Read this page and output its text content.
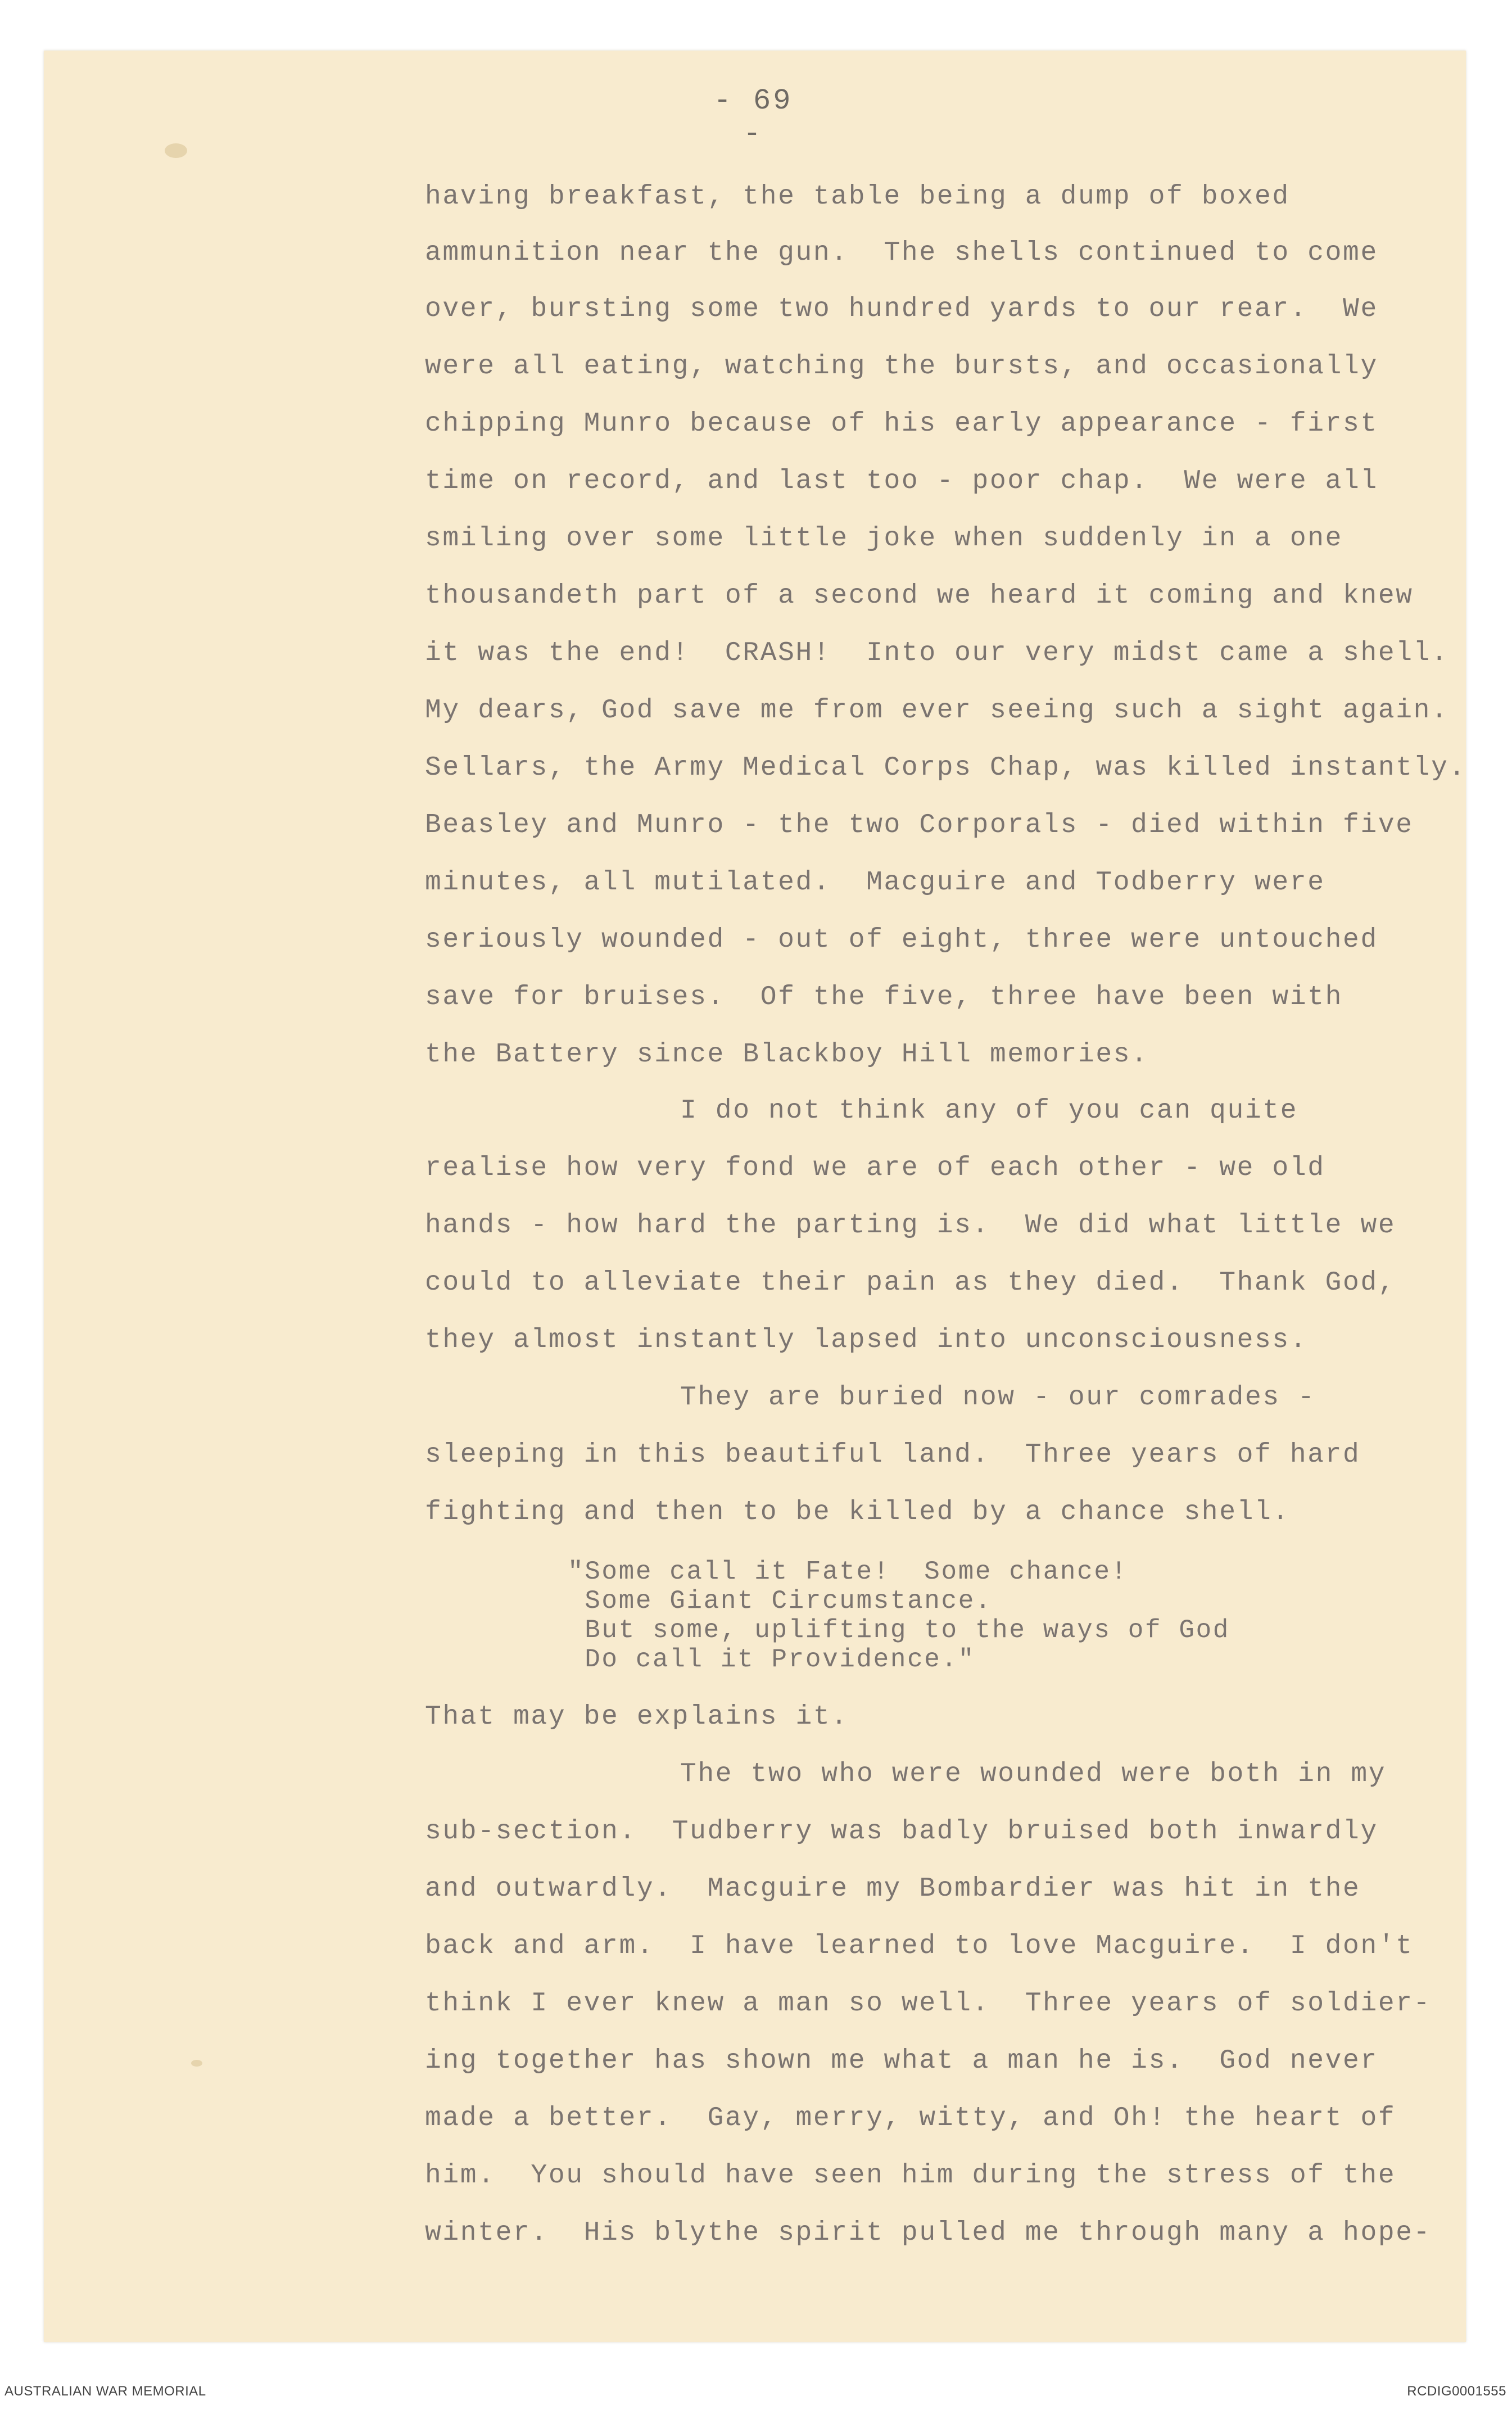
- 69 -
having breakfast, the table being a dump of boxed
ammunition near the gun.  The shells continued to come
over, bursting some two hundred yards to our rear.  We
were all eating, watching the bursts, and occasionally
chipping Munro because of his early appearance - first
time on record, and last too - poor chap.  We were all
smiling over some little joke when suddenly in a one
thousandeth part of a second we heard it coming and knew
it was the end!  CRASH!  Into our very midst came a shell.
My dears, God save me from ever seeing such a sight again.
Sellars, the Army Medical Corps Chap, was killed instantly.
Beasley and Munro - the two Corporals - died within five
minutes, all mutilated.  Macguire and Todberry were
seriously wounded - out of eight, three were untouched
save for bruises.  Of the five, three have been with
the Battery since Blackboy Hill memories.
I do not think any of you can quite
realise how very fond we are of each other - we old
hands - how hard the parting is.  We did what little we
could to alleviate their pain as they died.  Thank God,
they almost instantly lapsed into unconsciousness.
They are buried now - our comrades -
sleeping in this beautiful land.  Three years of hard
fighting and then to be killed by a chance shell.
"Some call it Fate!  Some chance!
Some Giant Circumstance.
But some, uplifting to the ways of God
Do call it Providence."
That may be explains it.
The two who were wounded were both in my
sub-section.  Tudberry was badly bruised both inwardly
and outwardly.  Macguire my Bombardier was hit in the
back and arm.  I have learned to love Macguire.  I don't
think I ever knew a man so well.  Three years of soldier-
ing together has shown me what a man he is.  God never
made a better.  Gay, merry, witty, and Oh! the heart of
him.  You should have seen him during the stress of the
winter.  His blythe spirit pulled me through many a hope-
AUSTRALIAN WAR MEMORIAL	RCDIG0001555
